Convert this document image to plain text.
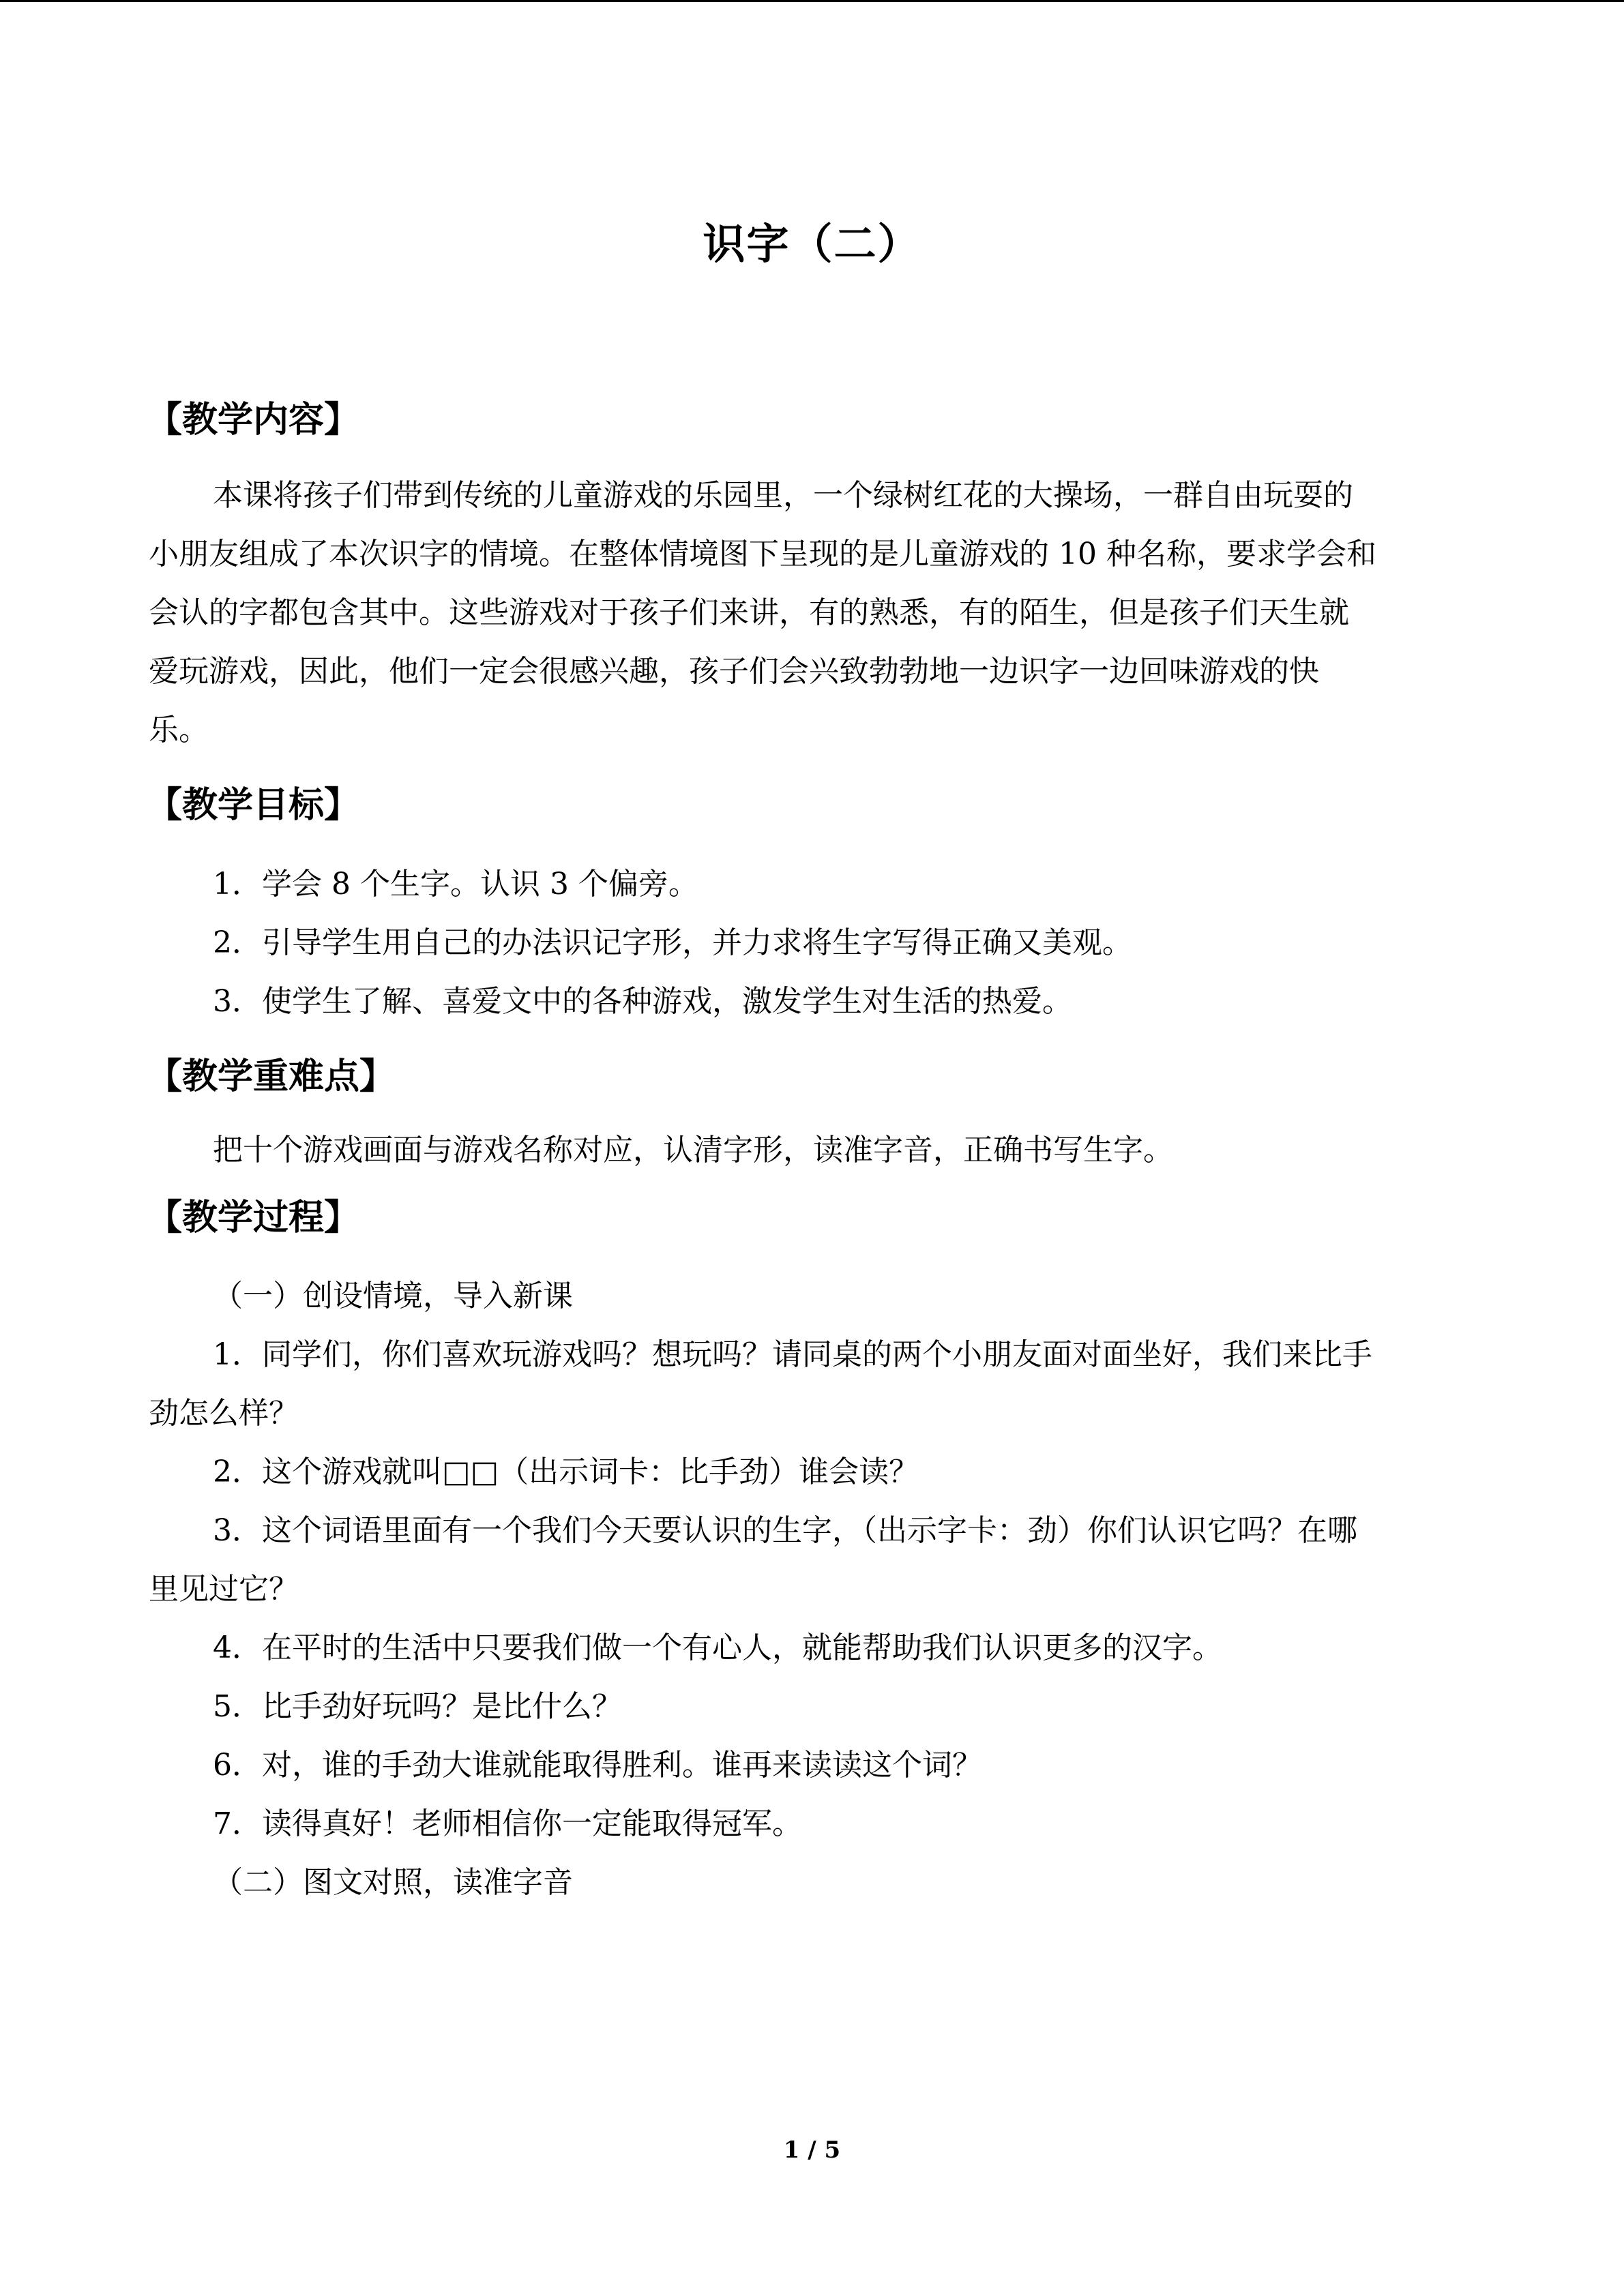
识字（二）
【教学内容】
本课将孩子们带到传统的儿童游戏的乐园里，一个绿树红花的大操场，一群自由玩耍的
小朋友组成了本次识字的情境。在整体情境图下呈现的是儿童游戏的 10 种名称，要求学会和
会认的字都包含其中。这些游戏对于孩子们来讲，有的熟悉，有的陌生，但是孩子们天生就
爱玩游戏，因此，他们一定会很感兴趣，孩子们会兴致勃勃地一边识字一边回味游戏的快
乐。
【教学目标】
1．学会 8 个生字。认识 3 个偏旁。
2．引导学生用自己的办法识记字形，并力求将生字写得正确又美观。
3．使学生了解、喜爱文中的各种游戏，激发学生对生活的热爱。
【教学重难点】
把十个游戏画面与游戏名称对应，认清字形，读准字音，正确书写生字。
【教学过程】
（一）创设情境，导入新课
1．同学们，你们喜欢玩游戏吗？想玩吗？请同桌的两个小朋友面对面坐好，我们来比手
劲怎么样？
2．这个游戏就叫□□（出示词卡：比手劲）谁会读？
3．这个词语里面有一个我们今天要认识的生字，（出示字卡：劲）你们认识它吗？在哪
里见过它？
4．在平时的生活中只要我们做一个有心人，就能帮助我们认识更多的汉字。
5．比手劲好玩吗？是比什么？
6．对，谁的手劲大谁就能取得胜利。谁再来读读这个词？
7．读得真好！老师相信你一定能取得冠军。
（二）图文对照，读准字音
1 / 5
